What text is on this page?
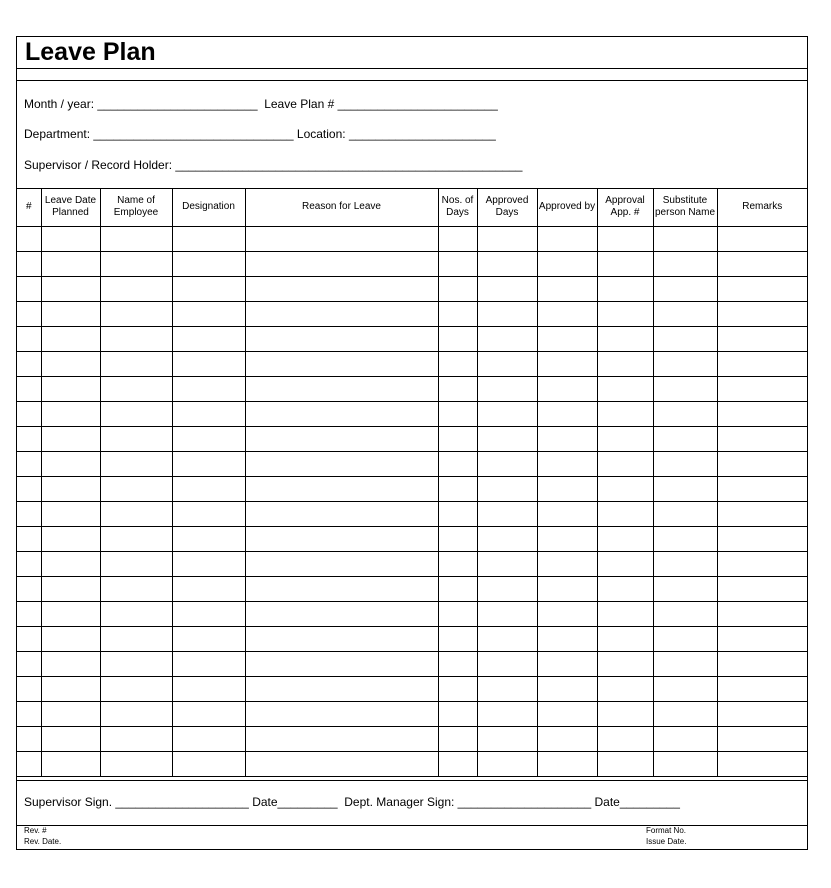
Leave Plan
Month / year: ________________________  Leave Plan # ________________________
Department: ______________________________ Location: ______________________
Supervisor / Record Holder: ____________________________________________________
#	Leave Date Planned	Name of Employee	Designation	Reason for Leave	Nos. of Days	Approved Days	Approved by	Approval App. #	Substitute person Name	Remarks

Supervisor Sign. ____________________ Date_________  Dept. Manager Sign: ____________________ Date_________
Rev. #
Rev. Date.
Format No.
Issue Date.
